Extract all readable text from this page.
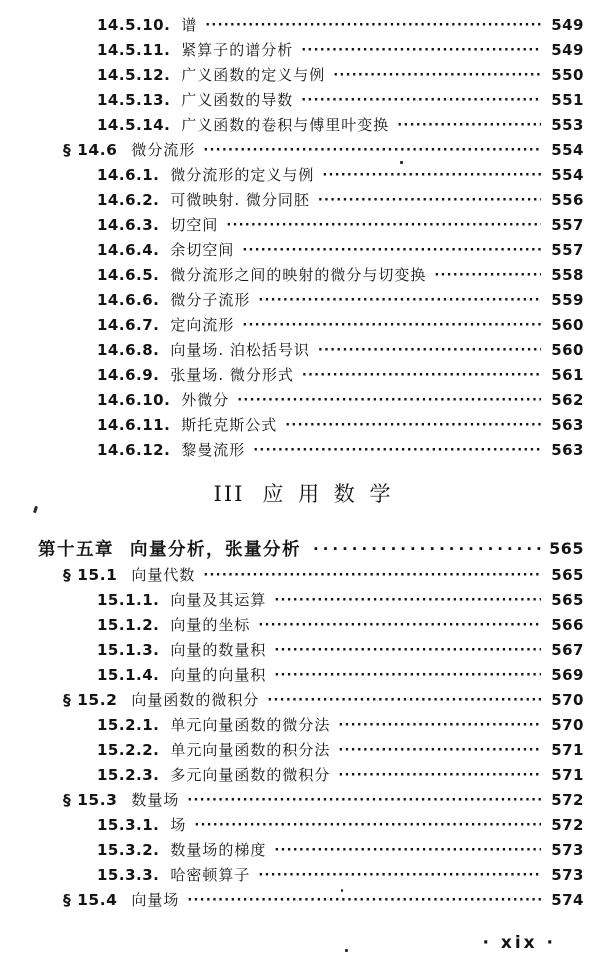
14.5.10. 谱 ·····	549
14.5.11. 紧算子的谱分析 ·····	549
14.5.12. 广义函数的定义与例 ·····	550
14.5.13. 广义函数的导数 ·····	551
14.5.14. 广义函数的卷积与傅里叶变换 ·····	553
§ 14.6 微分流形 ·····	554
14.6.1. 微分流形的定义与例 ·····	554
14.6.2. 可微映射. 微分同胚 ·····	556
14.6.3. 切空间 ·····	557
14.6.4. 余切空间 ·····	557
14.6.5. 微分流形之间的映射的微分与切变换 ·····	558
14.6.6. 微分子流形 ·····	559
14.6.7. 定向流形 ·····	560
14.6.8. 向量场. 泊松括号识 ·····	560
14.6.9. 张量场. 微分形式 ·····	561
14.6.10. 外微分 ·····	562
14.6.11. 斯托克斯公式 ·····	563
14.6.12. 黎曼流形 ·····	563
III 应 用 数 学
第十五章 向量分析，张量分析 ·····	565
§ 15.1 向量代数 ·····	565
15.1.1. 向量及其运算 ·····	565
15.1.2. 向量的坐标 ·····	566
15.1.3. 向量的数量积 ·····	567
15.1.4. 向量的向量积 ·····	569
§ 15.2 向量函数的微积分 ·····	570
15.2.1. 单元向量函数的微分法 ·····	570
15.2.2. 单元向量函数的积分法 ·····	571
15.2.3. 多元向量函数的微积分 ·····	571
§ 15.3 数量场 ·····	572
15.3.1. 场 ·····	572
15.3.2. 数量场的梯度 ·····	573
15.3.3. 哈密顿算子 ·····	573
§ 15.4 向量场 ·····	574
· xix ·
